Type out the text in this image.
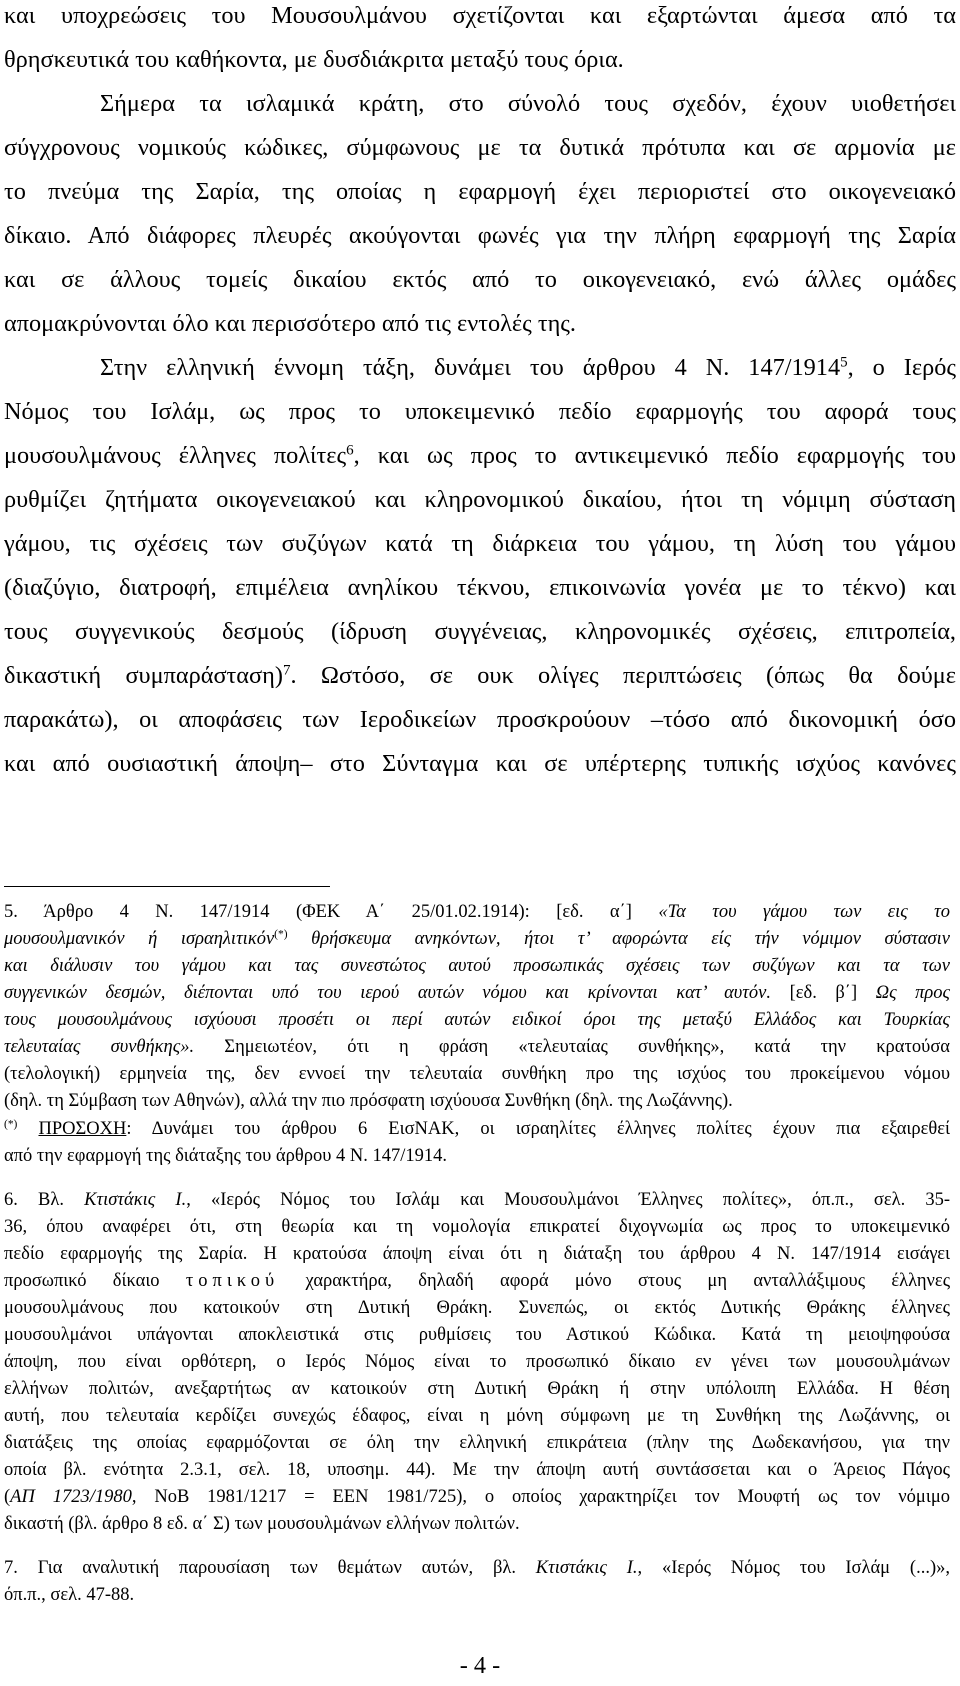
και υποχρεώσεις του Μουσουλμάνου σχετίζονται και εξαρτώνται άμεσα από τα
θρησκευτικά του καθήκοντα, με δυσδιάκριτα μεταξύ τους όρια.
Σήμερα τα ισλαμικά κράτη, στο σύνολό τους σχεδόν, έχουν υιοθετήσει
σύγχρονους νομικούς κώδικες, σύμφωνους με τα δυτικά πρότυπα και σε αρμονία με
το πνεύμα της Σαρία, της οποίας η εφαρμογή έχει περιοριστεί στο οικογενειακό
δίκαιο. Από διάφορες πλευρές ακούγονται φωνές για την πλήρη εφαρμογή της Σαρία
και σε άλλους τομείς δικαίου εκτός από το οικογενειακό, ενώ άλλες ομάδες
απομακρύνονται όλο και περισσότερο από τις εντολές της.
Στην ελληνική έννομη τάξη, δυνάμει του άρθρου 4 Ν. 147/1914$^5$, ο Ιερός
Νόμος του Ισλάμ, ως προς το υποκειμενικό πεδίο εφαρμογής του αφορά τους
μουσουλμάνους έλληνες πολίτες$^6$, και ως προς το αντικειμενικό πεδίο εφαρμογής του
ρυθμίζει ζητήματα οικογενειακού και κληρονομικού δικαίου, ήτοι τη νόμιμη σύσταση
γάμου, τις σχέσεις των συζύγων κατά τη διάρκεια του γάμου, τη λύση του γάμου
(διαζύγιο, διατροφή, επιμέλεια ανηλίκου τέκνου, επικοινωνία γονέα με το τέκνο) και
τους συγγενικούς δεσμούς (ίδρυση συγγένειας, κληρονομικές σχέσεις, επιτροπεία,
δικαστική συμπαράσταση)$^7$. Ωστόσο, σε ουκ ολίγες περιπτώσεις (όπως θα δούμε
παρακάτω), οι αποφάσεις των Ιεροδικείων προσκρούουν –τόσο από δικονομική όσο
και από ουσιαστική άποψη– στο Σύνταγμα και σε υπέρτερης τυπικής ισχύος κανόνες
5. Άρθρο 4 Ν. 147/1914 (ΦΕΚ Α΄ 25/01.02.1914): [εδ. α΄] «Τα του γάμου των εις το
μουσουλμανικόν ή ισραηλιτικόν(*) θρήσκευμα ανηκόντων, ήτοι τ’ αφορώντα είς τήν νόμιμον σύστασιν
και διάλυσιν του γάμου και τας συνεστώτος αυτού προσωπικάς σχέσεις των συζύγων και τα των
συγγενικών δεσμών, διέπονται υπό του ιερού αυτών νόμου και κρίνονται κατ’ αυτόν. [εδ. β΄] Ως προς
τους μουσουλμάνους ισχύουσι προσέτι οι περί αυτών ειδικοί όροι της μεταξύ Ελλάδος και Τουρκίας
τελευταίας συνθήκης». Σημειωτέον, ότι η φράση «τελευταίας συνθήκης», κατά την κρατούσα
(τελολογική) ερμηνεία της, δεν εννοεί την τελευταία συνθήκη προ της ισχύος του προκείμενου νόμου
(δηλ. τη Σύμβαση των Αθηνών), αλλά την πιο πρόσφατη ισχύουσα Συνθήκη (δηλ. της Λωζάννης).
(*) ΠΡΟΣΟΧΗ: Δυνάμει του άρθρου 6 ΕισΝΑΚ, οι ισραηλίτες έλληνες πολίτες έχουν πια εξαιρεθεί
από την εφαρμογή της διάταξης του άρθρου 4 Ν. 147/1914.
6. Βλ. Κτιστάκις Ι., «Ιερός Νόμος του Ισλάμ και Μουσουλμάνοι Έλληνες πολίτες», όπ.π., σελ. 35-
36, όπου αναφέρει ότι, στη θεωρία και τη νομολογία επικρατεί διχογνωμία ως προς το υποκειμενικό
πεδίο εφαρμογής της Σαρία. Η κρατούσα άποψη είναι ότι η διάταξη του άρθρου 4 Ν. 147/1914 εισάγει
προσωπικό δίκαιο τοπικού χαρακτήρα, δηλαδή αφορά μόνο στους μη ανταλλάξιμους έλληνες
μουσουλμάνους που κατοικούν στη Δυτική Θράκη. Συνεπώς, οι εκτός Δυτικής Θράκης έλληνες
μουσουλμάνοι υπάγονται αποκλειστικά στις ρυθμίσεις του Αστικού Κώδικα. Κατά τη μειοψηφούσα
άποψη, που είναι ορθότερη, ο Ιερός Νόμος είναι το προσωπικό δίκαιο εν γένει των μουσουλμάνων
ελλήνων πολιτών, ανεξαρτήτως αν κατοικούν στη Δυτική Θράκη ή στην υπόλοιπη Ελλάδα. Η θέση
αυτή, που τελευταία κερδίζει συνεχώς έδαφος, είναι η μόνη σύμφωνη με τη Συνθήκη της Λωζάννης, οι
διατάξεις της οποίας εφαρμόζονται σε όλη την ελληνική επικράτεια (πλην της Δωδεκανήσου, για την
οποία βλ. ενότητα 2.3.1, σελ. 18, υποσημ. 44). Με την άποψη αυτή συντάσσεται και ο Άρειος Πάγος
(ΑΠ 1723/1980, ΝοΒ 1981/1217 = ΕΕΝ 1981/725), ο οποίος χαρακτηρίζει τον Μουφτή ως τον νόμιμο
δικαστή (βλ. άρθρο 8 εδ. α΄ Σ) των μουσουλμάνων ελλήνων πολιτών.
7. Για αναλυτική παρουσίαση των θεμάτων αυτών, βλ. Κτιστάκις Ι., «Ιερός Νόμος του Ισλάμ (...)»,
όπ.π., σελ. 47-88.
- 4 -
